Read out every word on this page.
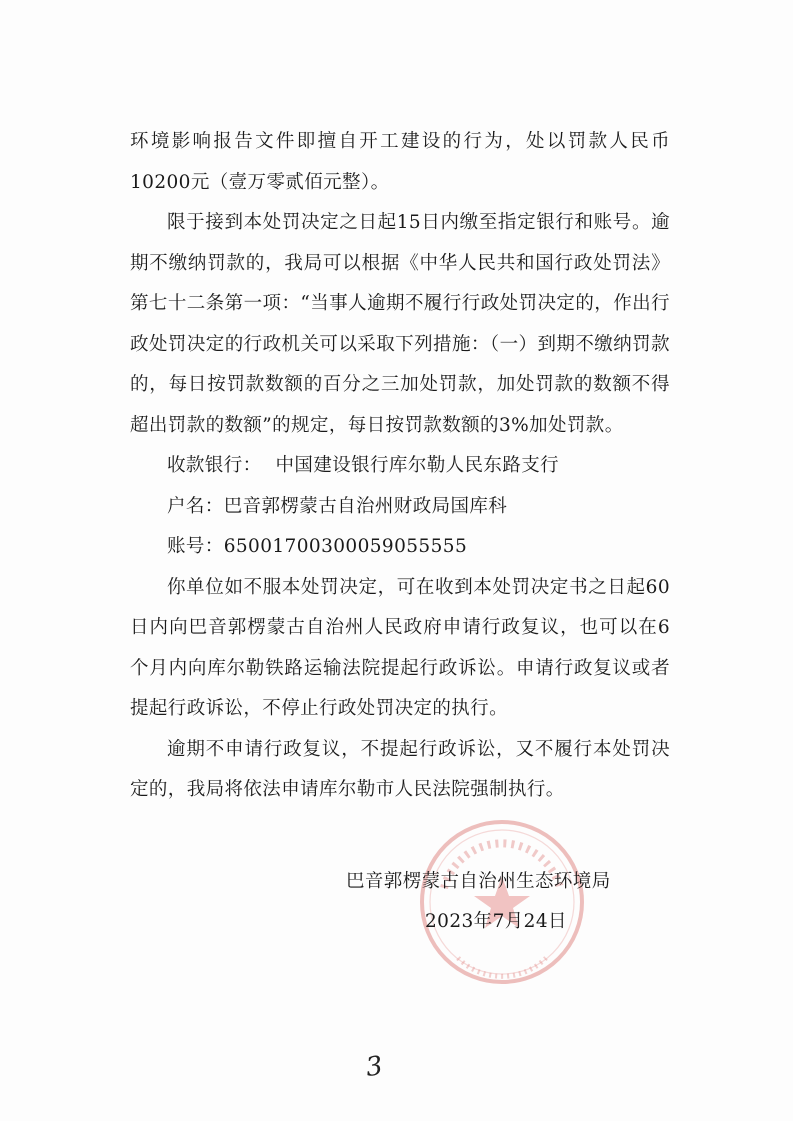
环境影响报告文件即擅自开工建设的行为，处以罚款人民币10200元（壹万零贰佰元整）。

限于接到本处罚决定之日起15日内缴至指定银行和账号。逾期不缴纳罚款的，我局可以根据《中华人民共和国行政处罚法》第七十二条第一项：“当事人逾期不履行行政处罚决定的，作出行政处罚决定的行政机关可以采取下列措施：（一）到期不缴纳罚款的，每日按罚款数额的百分之三加处罚款，加处罚款的数额不得超出罚款的数额”的规定，每日按罚款数额的3%加处罚款。

收款银行： 中国建设银行库尔勒人民东路支行
户名：巴音郭楞蒙古自治州财政局国库科
账号：65001700300059055555

你单位如不服本处罚决定，可在收到本处罚决定书之日起60日内向巴音郭楞蒙古自治州人民政府申请行政复议，也可以在6个月内向库尔勒铁路运输法院提起行政诉讼。申请行政复议或者提起行政诉讼，不停止行政处罚决定的执行。

逾期不申请行政复议，不提起行政诉讼，又不履行本处罚决定的，我局将依法申请库尔勒市人民法院强制执行。

巴音郭楞蒙古自治州生态环境局
2023年7月24日
3
